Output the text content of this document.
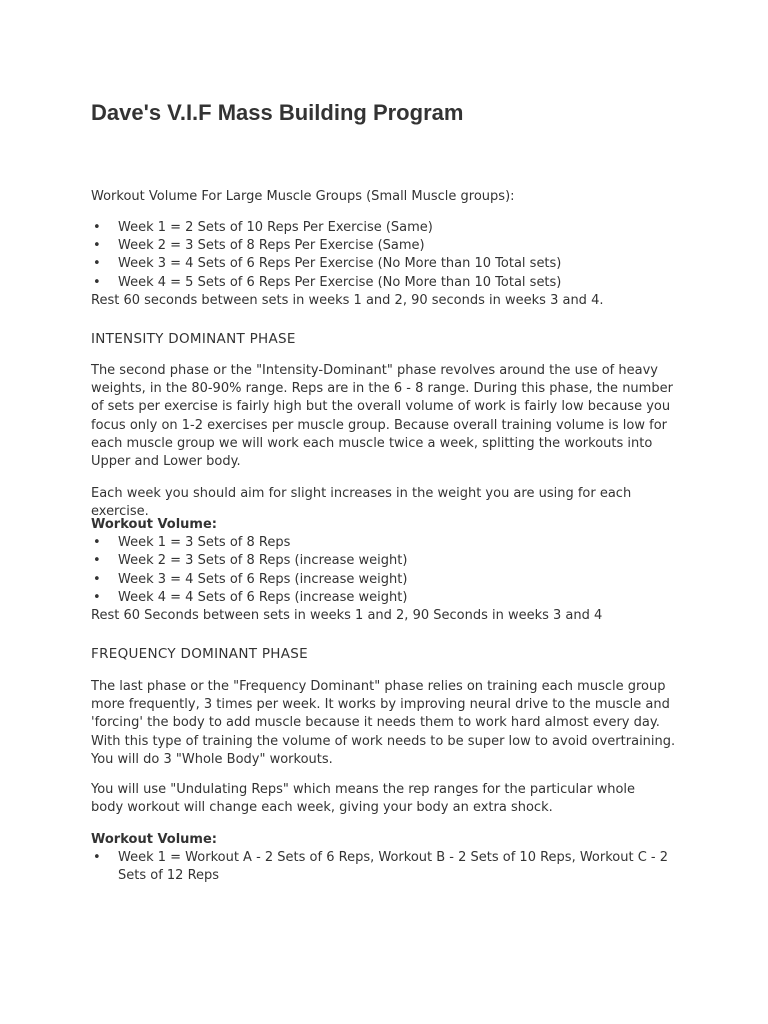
Dave's V.I.F Mass Building Program

Workout Volume For Large Muscle Groups (Small Muscle groups):

• Week 1 = 2 Sets of 10 Reps Per Exercise (Same)
• Week 2 = 3 Sets of 8 Reps Per Exercise (Same)
• Week 3 = 4 Sets of 6 Reps Per Exercise (No More than 10 Total sets)
• Week 4 = 5 Sets of 6 Reps Per Exercise (No More than 10 Total sets)

Rest 60 seconds between sets in weeks 1 and 2, 90 seconds in weeks 3 and 4.

INTENSITY DOMINANT PHASE

The second phase or the "Intensity-Dominant" phase revolves around the use of heavy weights, in the 80-90% range. Reps are in the 6 - 8 range. During this phase, the number of sets per exercise is fairly high but the overall volume of work is fairly low because you focus only on 1-2 exercises per muscle group. Because overall training volume is low for each muscle group we will work each muscle twice a week, splitting the workouts into Upper and Lower body.

Each week you should aim for slight increases in the weight you are using for each exercise.

Workout Volume:

• Week 1 = 3 Sets of 8 Reps
• Week 2 = 3 Sets of 8 Reps (increase weight)
• Week 3 = 4 Sets of 6 Reps (increase weight)
• Week 4 = 4 Sets of 6 Reps (increase weight)

Rest 60 Seconds between sets in weeks 1 and 2, 90 Seconds in weeks 3 and 4

FREQUENCY DOMINANT PHASE

The last phase or the "Frequency Dominant" phase relies on training each muscle group more frequently, 3 times per week. It works by improving neural drive to the muscle and 'forcing' the body to add muscle because it needs them to work hard almost every day. With this type of training the volume of work needs to be super low to avoid overtraining. You will do 3 "Whole Body" workouts.

You will use "Undulating Reps" which means the rep ranges for the particular whole body workout will change each week, giving your body an extra shock.

Workout Volume:

• Week 1 = Workout A - 2 Sets of 6 Reps, Workout B - 2 Sets of 10 Reps, Workout C - 2 Sets of 12 Reps
